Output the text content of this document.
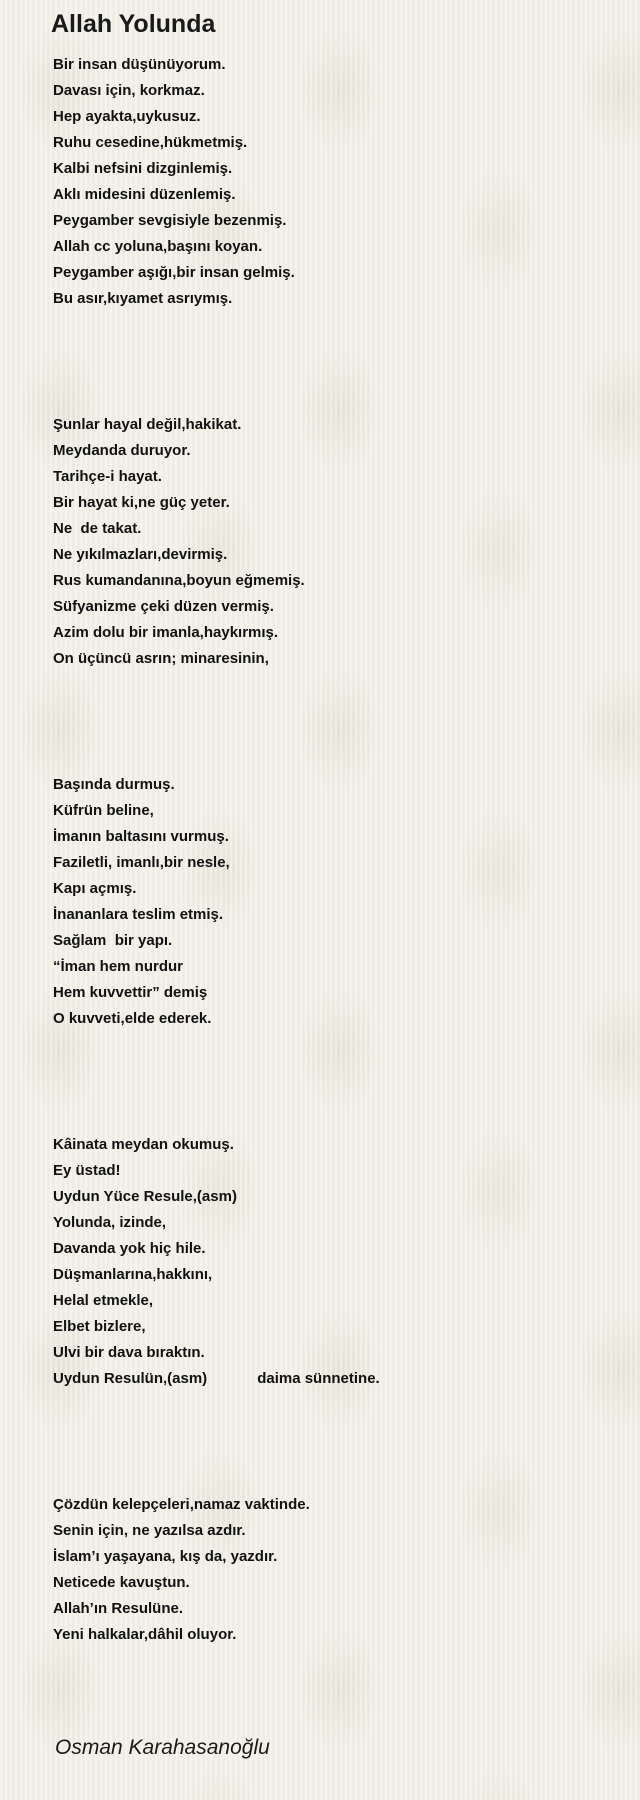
Allah Yolunda
Bir insan düşünüyorum.
Davası için, korkmaz.
Hep ayakta,uykusuz.
Ruhu cesedine,hükmetmiş.
Kalbi nefsini dizginlemiş.
Aklı midesini düzenlemiş.
Peygamber sevgisiyle bezenmiş.
Allah cc yoluna,başını koyan.
Peygamber aşığı,bir insan gelmiş.
Bu asır,kıyamet asrıymış.
Şunlar hayal değil,hakikat.
Meydanda duruyor.
Tarihçe-i hayat.
Bir hayat ki,ne güç yeter.
Ne  de takat.
Ne yıkılmazları,devirmiş.
Rus kumandanına,boyun eğmemiş.
Süfyanizme çeki düzen vermiş.
Azim dolu bir imanla,haykırmış.
On üçüncü asrın; minaresinin,
Başında durmuş.
Küfrün beline,
İmanın baltasını vurmuş.
Faziletli, imanlı,bir nesle,
Kapı açmış.
İnananlara teslim etmiş.
Sağlam  bir yapı.
“İman hem nurdur
Hem kuvvettir” demiş
O kuvveti,elde ederek.
Kâinata meydan okumuş.
Ey üstad!
Uydun Yüce Resule,(asm)
Yolunda, izinde,
Davanda yok hiç hile.
Düşmanlarına,hakkını,
Helal etmekle,
Elbet bizlere,
Ulvi bir dava bıraktın.
Uydun Resulün,(asm)            daima sünnetine.
Çözdün kelepçeleri,namaz vaktinde.
Senin için, ne yazılsa azdır.
İslam’ı yaşayana, kış da, yazdır.
Neticede kavuştun.
Allah’ın Resulüne.
Yeni halkalar,dâhil oluyor.
Osman Karahasanoğlu
